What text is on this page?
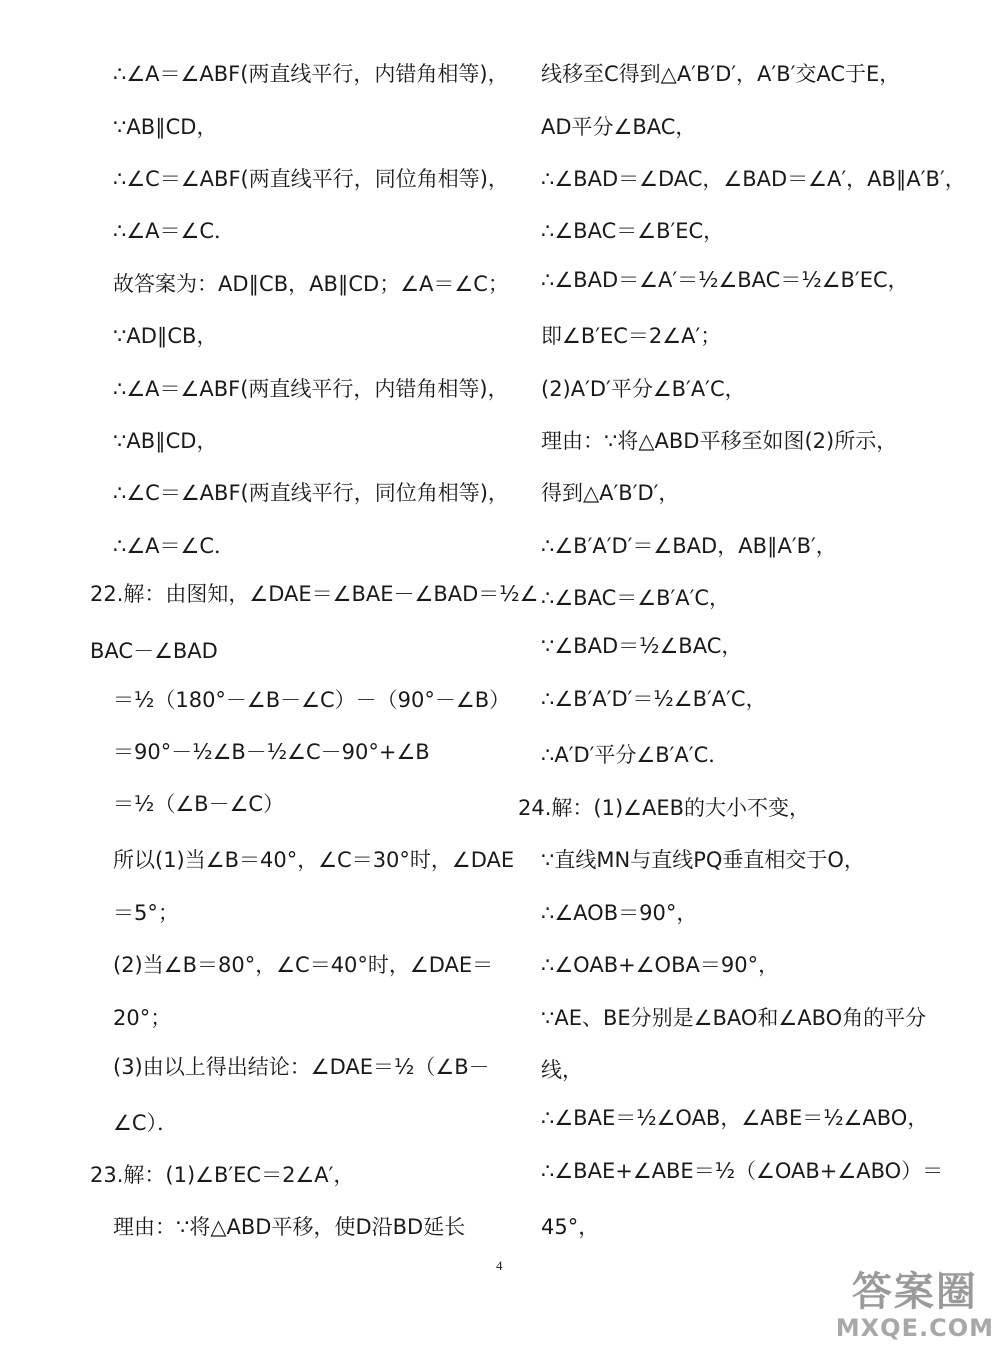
∴∠A＝∠ABF(两直线平行，内错角相等)，
∵AB∥CD，
∴∠C＝∠ABF(两直线平行，同位角相等)，
∴∠A＝∠C．
故答案为：AD∥CB，AB∥CD；∠A＝∠C；
∵AD∥CB，
∴∠A＝∠ABF(两直线平行，内错角相等)，
∵AB∥CD，
∴∠C＝∠ABF(两直线平行，同位角相等)，
∴∠A＝∠C．
22.解：由图知，∠DAE＝∠BAE－∠BAD＝½∠
BAC－∠BAD
＝½（180°－∠B－∠C）－（90°－∠B）
＝90°－½∠B－½∠C－90°+∠B
＝½（∠B－∠C）
所以(1)当∠B＝40°，∠C＝30°时，∠DAE
＝5°；
(2)当∠B＝80°，∠C＝40°时，∠DAE＝
20°；
(3)由以上得出结论：∠DAE＝½（∠B－
∠C）．
23.解：(1)∠B′EC＝2∠A′，
理由：∵将△ABD平移，使D沿BD延长
线移至C得到△A′B′D′，A′B′交AC于E，
AD平分∠BAC，
∴∠BAD＝∠DAC，∠BAD＝∠A′，AB∥A′B′，
∴∠BAC＝∠B′EC，
∴∠BAD＝∠A′＝½∠BAC＝½∠B′EC，
即∠B′EC＝2∠A′；
(2)A′D′平分∠B′A′C，
理由：∵将△ABD平移至如图(2)所示，
得到△A′B′D′，
∴∠B′A′D′＝∠BAD，AB∥A′B′，
∴∠BAC＝∠B′A′C，
∵∠BAD＝½∠BAC，
∴∠B′A′D′＝½∠B′A′C，
∴A′D′平分∠B′A′C．
24.解：(1)∠AEB的大小不变，
∵直线MN与直线PQ垂直相交于O，
∴∠AOB＝90°，
∴∠OAB+∠OBA＝90°，
∵AE、BE分别是∠BAO和∠ABO角的平分
线，
∴∠BAE＝½∠OAB，∠ABE＝½∠ABO，
∴∠BAE+∠ABE＝½（∠OAB+∠ABO）＝
45°，
4
答案圈
MXQE.COM
